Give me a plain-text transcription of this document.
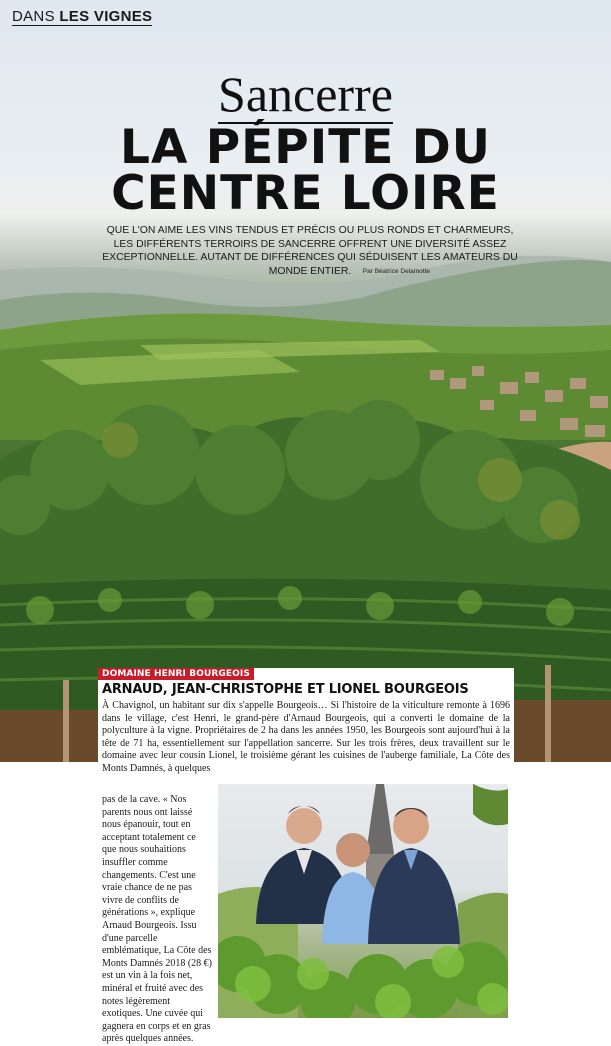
DANS LES VIGNES
Sancerre
LA PÉPITE DU
CENTRE LOIRE
QUE L'ON AIME LES VINS TENDUS ET PRÉCIS OU PLUS RONDS ET CHARMEURS, LES DIFFÉRENTS TERROIRS DE SANCERRE OFFRENT UNE DIVERSITÉ ASSEZ EXCEPTIONNELLE. AUTANT DE DIFFÉRENCES QUI SÉDUISENT LES AMATEURS DU MONDE ENTIER.	Par Béatrice Delamotte
DOMAINE HENRI BOURGEOIS
ARNAUD, JEAN-CHRISTOPHE ET LIONEL BOURGEOIS
À Chavignol, un habitant sur dix s'appelle Bourgeois… Si l'histoire de la viticulture remonte à 1696 dans le village, c'est Henri, le grand-père d'Arnaud Bourgeois, qui a converti le domaine de la polyculture à la vigne. Propriétaires de 2 ha dans les années 1950, les Bourgeois sont aujourd'hui à la tête de 71 ha, essentiellement sur l'appellation sancerre. Sur les trois frères, deux travaillent sur le domaine avec leur cousin Lionel, le troisième gérant les cuisines de l'auberge familiale, La Côte des Monts Damnés, à quelques
pas de la cave. « Nos parents nous ont laissé nous épanouir, tout en acceptant totalement ce que nous souhaitions insuffler comme changements. C'est une vraie chance de ne pas vivre de conflits de générations », explique Arnaud Bourgeois. Issu d'une parcelle emblématique, La Côte des Monts Damnés 2018 (28 €) est un vin à la fois net, minéral et fruité avec des notes légèrement exotiques. Une cuvée qui gagnera en corps et en gras après quelques années.
